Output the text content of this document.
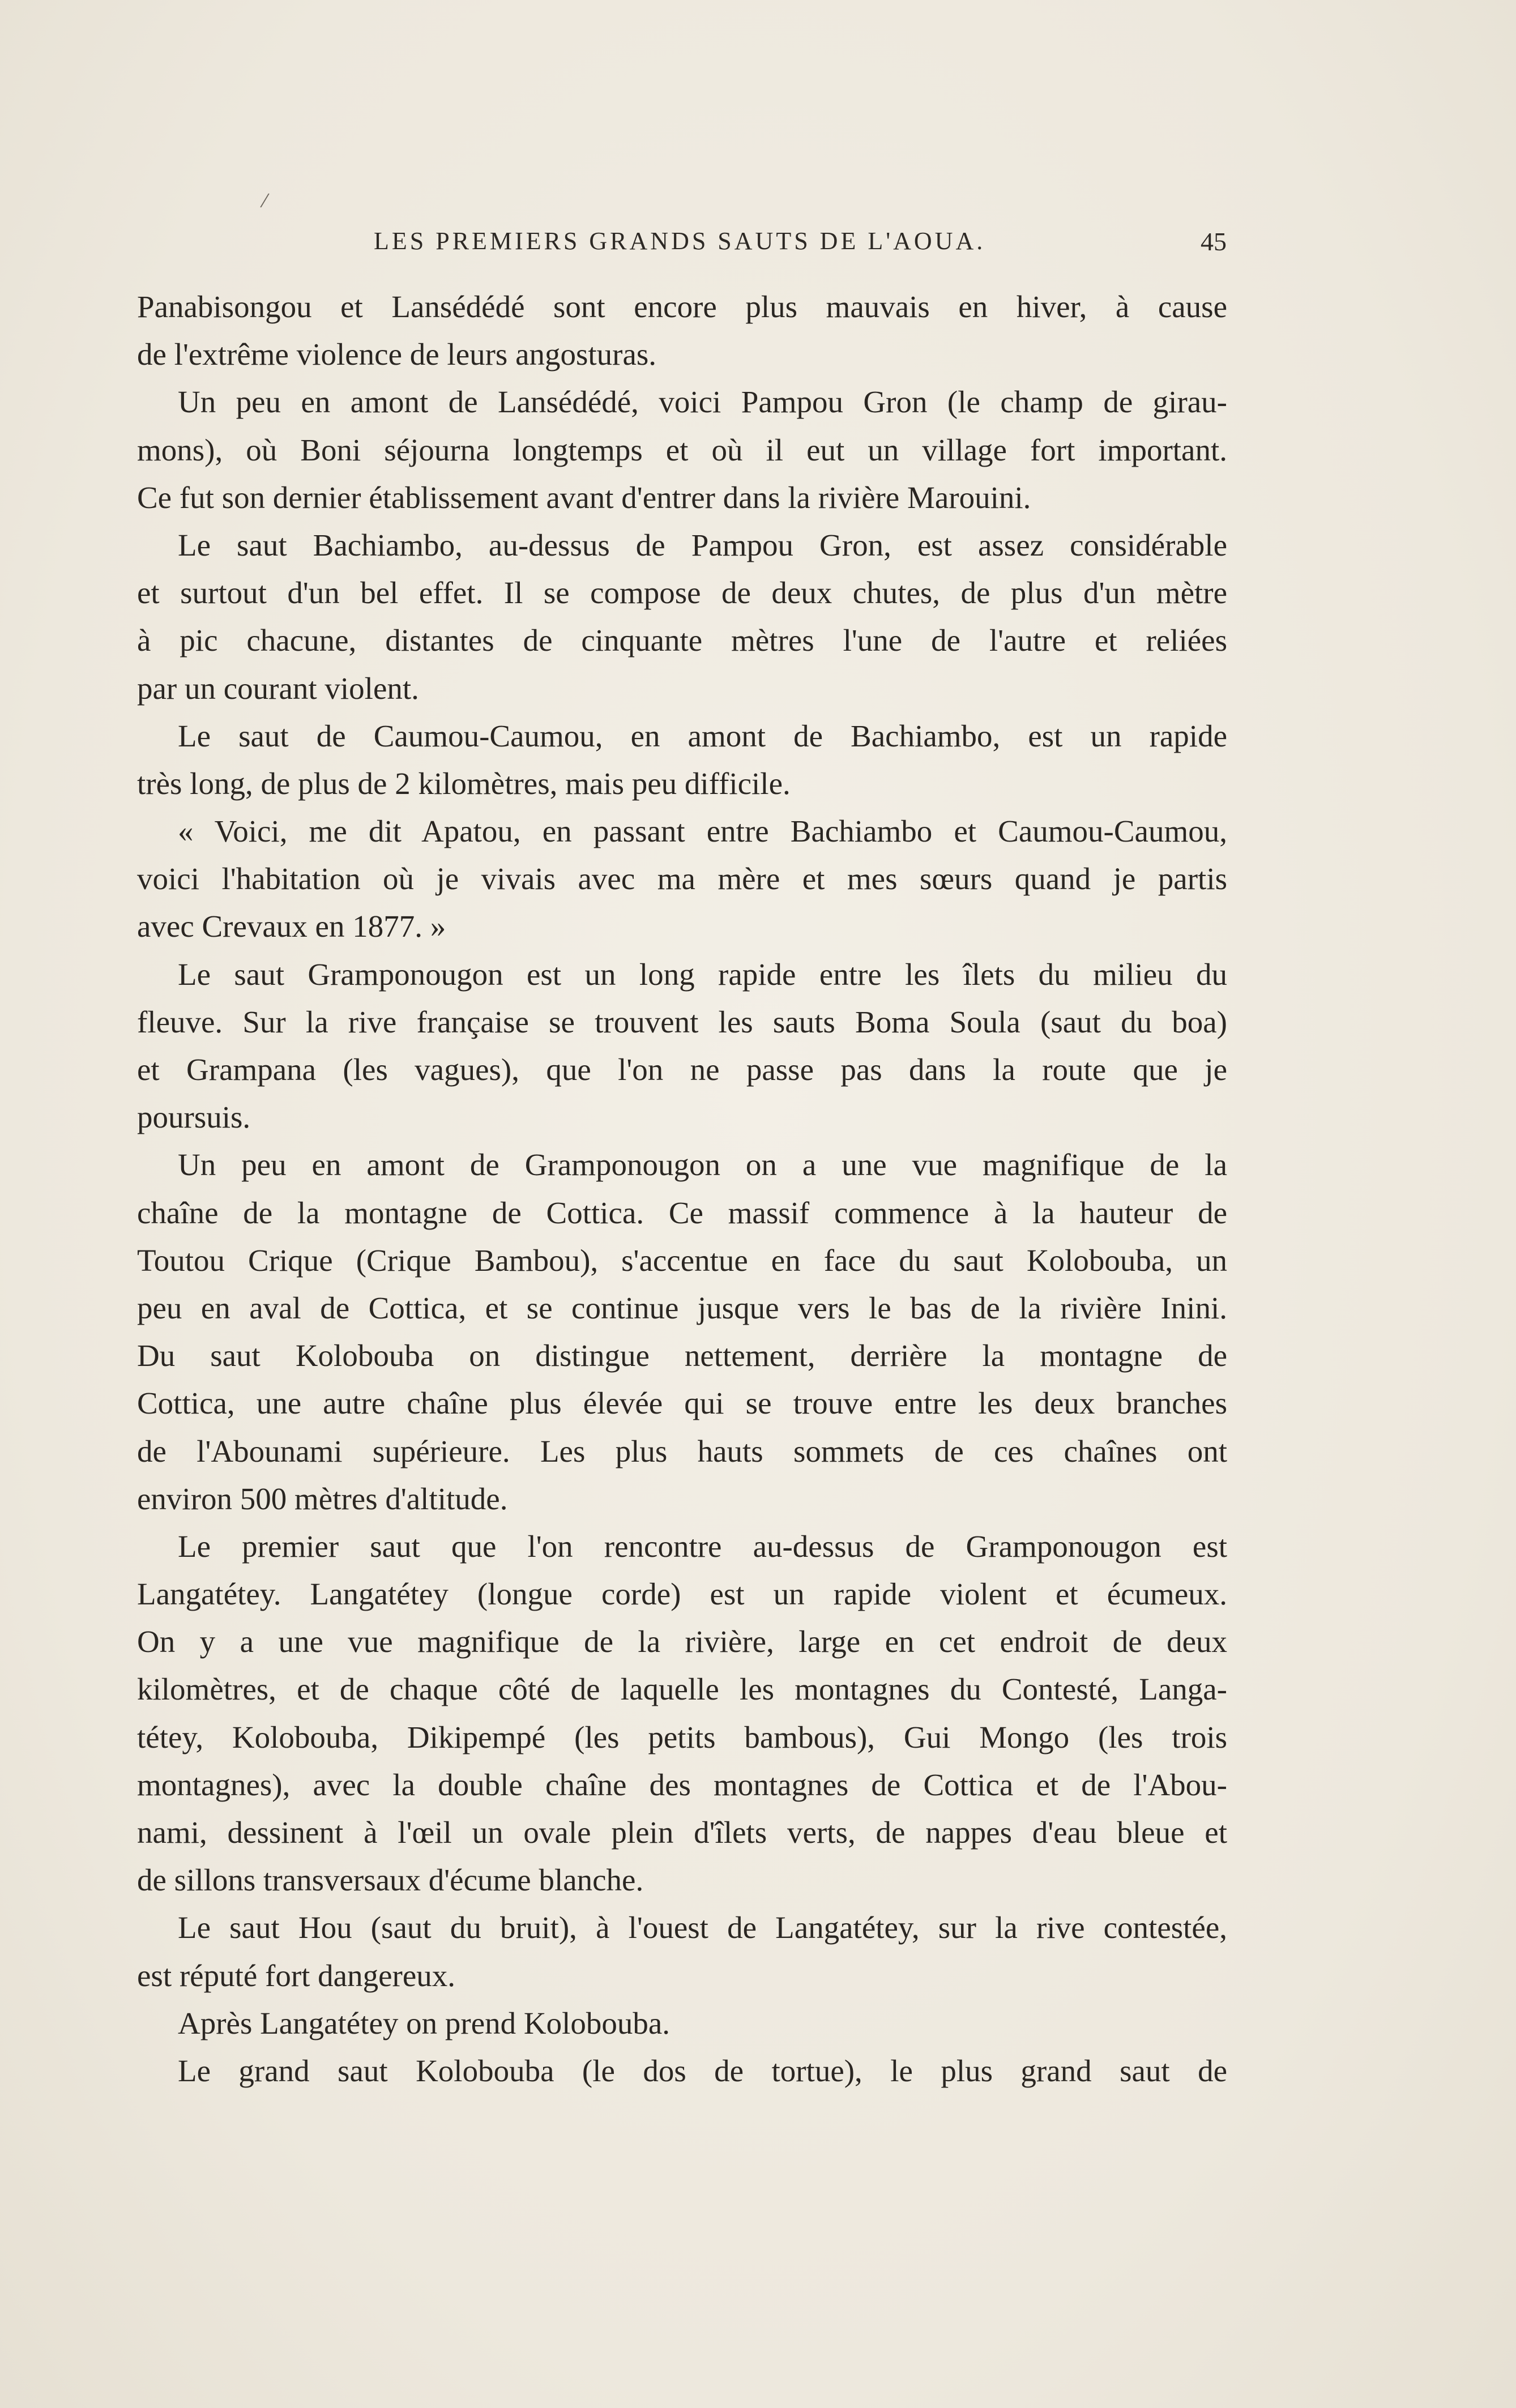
/
LES PREMIERS GRANDS SAUTS DE L'AOUA.	45
Panabisongou et Lansédédé sont encore plus mauvais en hiver, à cause
de l'extrême violence de leurs angosturas.
Un peu en amont de Lansédédé, voici Pampou Gron (le champ de girau-
mons), où Boni séjourna longtemps et où il eut un village fort important.
Ce fut son dernier établissement avant d'entrer dans la rivière Marouini.
Le saut Bachiambo, au-dessus de Pampou Gron, est assez considérable
et surtout d'un bel effet. Il se compose de deux chutes, de plus d'un mètre
à pic chacune, distantes de cinquante mètres l'une de l'autre et reliées
par un courant violent.
Le saut de Caumou-Caumou, en amont de Bachiambo, est un rapide
très long, de plus de 2 kilomètres, mais peu difficile.
« Voici, me dit Apatou, en passant entre Bachiambo et Caumou-Caumou,
voici l'habitation où je vivais avec ma mère et mes sœurs quand je partis
avec Crevaux en 1877. »
Le saut Gramponougon est un long rapide entre les îlets du milieu du
fleuve. Sur la rive française se trouvent les sauts Boma Soula (saut du boa)
et Grampana (les vagues), que l'on ne passe pas dans la route que je
poursuis.
Un peu en amont de Gramponougon on a une vue magnifique de la
chaîne de la montagne de Cottica. Ce massif commence à la hauteur de
Toutou Crique (Crique Bambou), s'accentue en face du saut Kolobouba, un
peu en aval de Cottica, et se continue jusque vers le bas de la rivière Inini.
Du saut Kolobouba on distingue nettement, derrière la montagne de
Cottica, une autre chaîne plus élevée qui se trouve entre les deux branches
de l'Abounami supérieure. Les plus hauts sommets de ces chaînes ont
environ 500 mètres d'altitude.
Le premier saut que l'on rencontre au-dessus de Gramponougon est
Langatétey. Langatétey (longue corde) est un rapide violent et écumeux.
On y a une vue magnifique de la rivière, large en cet endroit de deux
kilomètres, et de chaque côté de laquelle les montagnes du Contesté, Langa-
tétey, Kolobouba, Dikipempé (les petits bambous), Gui Mongo (les trois
montagnes), avec la double chaîne des montagnes de Cottica et de l'Abou-
nami, dessinent à l'œil un ovale plein d'îlets verts, de nappes d'eau bleue et
de sillons transversaux d'écume blanche.
Le saut Hou (saut du bruit), à l'ouest de Langatétey, sur la rive contestée,
est réputé fort dangereux.
Après Langatétey on prend Kolobouba.
Le grand saut Kolobouba (le dos de tortue), le plus grand saut de
